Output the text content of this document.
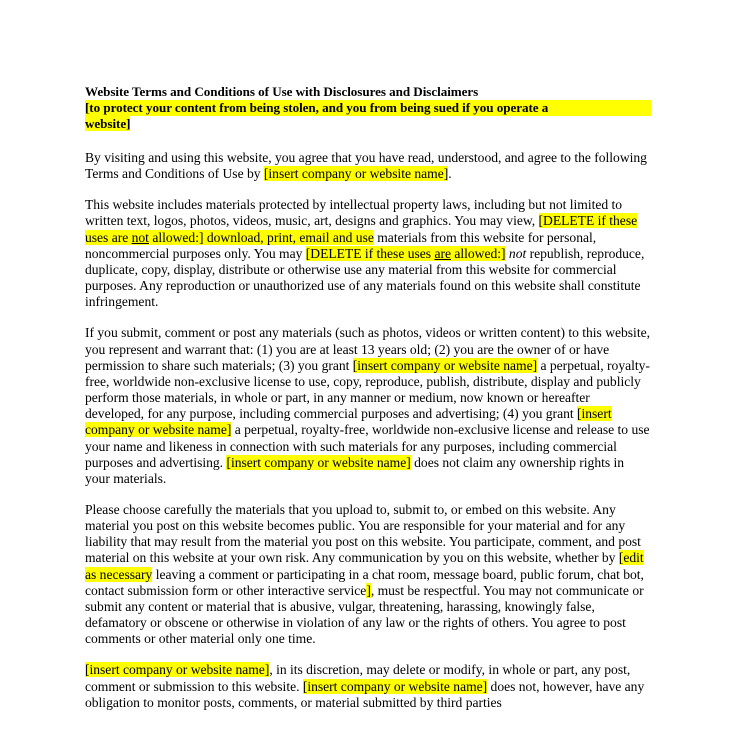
Website Terms and Conditions of Use with Disclosures and Disclaimers
[to protect your content from being stolen, and you from being sued if you operate a
website]

By visiting and using this website, you agree that you have read, understood, and agree to the following Terms and Conditions of Use by [insert company or website name].

This website includes materials protected by intellectual property laws, including but not limited to written text, logos, photos, videos, music, art, designs and graphics. You may view, [DELETE if these uses are not allowed:] download, print, email and use materials from this website for personal, noncommercial purposes only. You may [DELETE if these uses are allowed:] not republish, reproduce, duplicate, copy, display, distribute or otherwise use any material from this website for commercial purposes. Any reproduction or unauthorized use of any materials found on this website shall constitute infringement.

If you submit, comment or post any materials (such as photos, videos or written content) to this website, you represent and warrant that: (1) you are at least 13 years old; (2) you are the owner of or have permission to share such materials; (3) you grant [insert company or website name] a perpetual, royalty-free, worldwide non-exclusive license to use, copy, reproduce, publish, distribute, display and publicly perform those materials, in whole or part, in any manner or medium, now known or hereafter developed, for any purpose, including commercial purposes and advertising; (4) you grant [insert company or website name] a perpetual, royalty-free, worldwide non-exclusive license and release to use your name and likeness in connection with such materials for any purposes, including commercial purposes and advertising. [insert company or website name] does not claim any ownership rights in your materials.

Please choose carefully the materials that you upload to, submit to, or embed on this website. Any material you post on this website becomes public. You are responsible for your material and for any liability that may result from the material you post on this website. You participate, comment, and post material on this website at your own risk. Any communication by you on this website, whether by [edit as necessary leaving a comment or participating in a chat room, message board, public forum, chat bot, contact submission form or other interactive service], must be respectful. You may not communicate or submit any content or material that is abusive, vulgar, threatening, harassing, knowingly false, defamatory or obscene or otherwise in violation of any law or the rights of others. You agree to post comments or other material only one time.

[insert company or website name], in its discretion, may delete or modify, in whole or part, any post, comment or submission to this website. [insert company or website name] does not, however, have any obligation to monitor posts, comments, or material submitted by third parties
